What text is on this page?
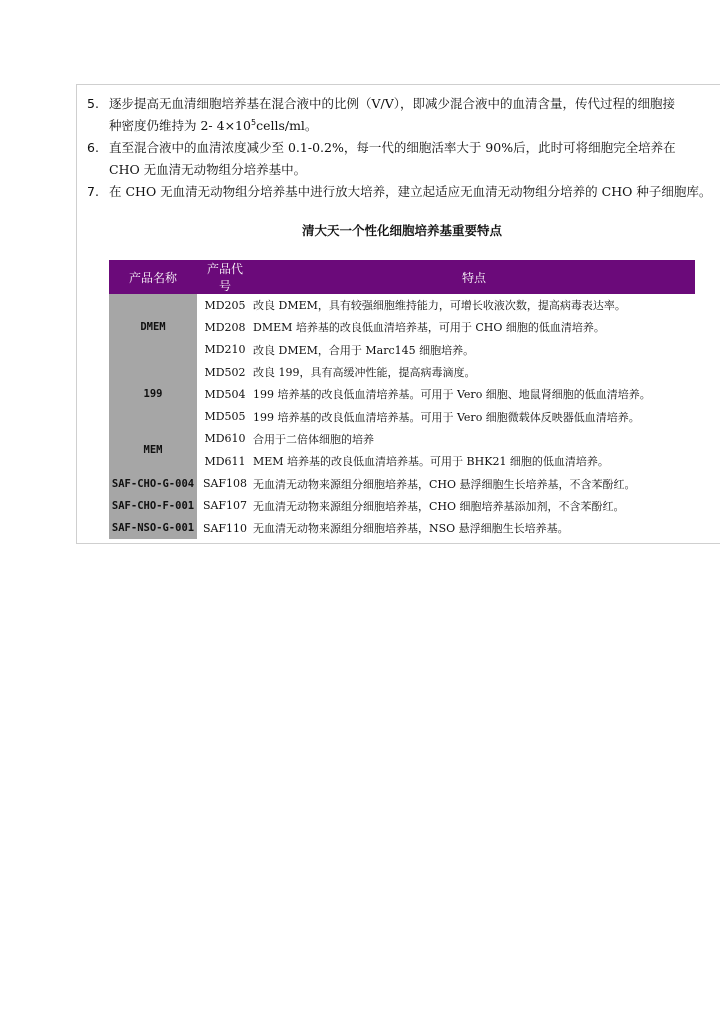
5. 逐步提高无血清细胞培养基在混合液中的比例（V/V），即减少混合液中的血清含量，传代过程的细胞接
种密度仍维持为 2- $4\times 10^5cells/ml$。

6. 直至混合液中的血清浓度减少至 0.1-0.2%，每一代的细胞活率大于 90%后，此时可将细胞完全培养在
CHO 无血清无动物组分培养基中。

7. 在 CHO 无血清无动物组分培养基中进行放大培养，建立起适应无血清无动物组分培养的 CHO 种子细胞库。

清大天一个性化细胞培养基重要特点
产品名称	产品代号	特点
DMEM	MD205	改良 DMEM，具有较强细胞维持能力，可增长收液次数，提高病毒表达率。
	MD208	DMEM 培养基的改良低血清培养基，可用于 CHO 细胞的低血清培养。
	MD210	改良 DMEM，合用于 Marc145 细胞培养。
199	MD502	改良 199，具有高缓冲性能，提高病毒滴度。
	MD504	199 培养基的改良低血清培养基。可用于 Vero 细胞、地鼠肾细胞的低血清培养。
	MD505	199 培养基的改良低血清培养基。可用于 Vero 细胞微载体反映器低血清培养。
MEM	MD610	合用于二倍体细胞的培养
	MD611	MEM 培养基的改良低血清培养基。可用于 BHK21 细胞的低血清培养。
SAF-CHO-G-004	SAF108	无血清无动物来源组分细胞培养基，CHO 悬浮细胞生长培养基，不含苯酚红。
SAF-CHO-F-001	SAF107	无血清无动物来源组分细胞培养基，CHO 细胞培养基添加剂，不含苯酚红。
SAF-NSO-G-001	SAF110	无血清无动物来源组分细胞培养基，NSO 悬浮细胞生长培养基。
